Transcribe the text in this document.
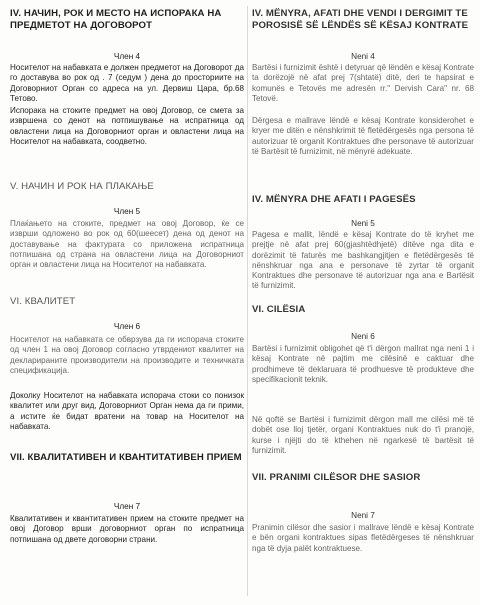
IV. НАЧИН, РОК И МЕСТО НА ИСПОРАКА НА ПРЕДМЕТОТ НА ДОГОВОРОТ

Член 4

Носителот на набавката е должен предметот на Договорот да го доставува во рок од . 7 (седум ) дена до просториите на Договорниот Орган со адреса на ул. Дервиш Цара, бр.68 Тетово.

Испорака на стоките предмет на овој Договор, се смета за извршена со денот на потпишување на испратница од овластени лица на Договорниот орган и овластени лица на Носителот на набавката, соодветно.

V. НАЧИН И РОК НА ПЛАКАЊЕ

Член 5

Плаќањето на стоките, предмет на овој Договор, ќе се изврши одложено во рок од 60(шеесет) дена од денот на доставување на фактурата со приложена испратница потпишана од страна на овластени лица на Договорниот орган и овластени лица на Носителот на набавката.

VI. КВАЛИТЕТ

Член 6

Носителот на набавката се обврзува да ги испорача стоките од член 1 на овој Договор согласно утврдениот квалитет на декларираните производители на производите и техничката спецификација.

Доколку Носителот на набавката испорача стоки со понизок квалитет или друг вид, Договорниот Орган нема да ги прими, а истите ќе бидат вратени на товар на Носителот на набавката.

VII. КВАЛИТАТИВЕН И КВАНТИТАТИВЕН ПРИЕМ

Член 7

Квалитативен и квантитативен прием на стоките предмет на овој Договор врши договорниот орган по испратница потпишана од двете договорни страни.

IV. MËNYRA, AFATI DHE VENDI I DERGIMIT TE POROSISË SË LËNDËS SË KËSAJ KONTRATE

Neni 4

Bartësi i furnizimit është i detyruar që lëndën e kësaj Kontrate ta dorëzojë në afat prej 7(shtatë) ditë, deri te hapsirat e komunës e Tetovës me adresën rr." Dervish Cara" nr. 68 Tetovë.

Dërgesa e mallrave lëndë e kësaj Kontrate konsiderohet e kryer me ditën e nënshkrimit të fletëdërgesës nga persona të autorizuar të organit Kontraktues dhe personave të autorizuar të Bartësit të furnizimit, në mënyrë adekuate.

IV. MËNYRA DHE AFATI I PAGESËS

Neni 5

Pagesa e mallit, lëndë e kësaj Kontrate do të kryhet me prejtje në afat prej 60(gjashtëdhjetë) ditëve nga dita e dorëzimit të faturës me bashkangjitjen e fletëdërgesës të nënshkruar nga ana e personave të zyrtar të organit Kontraktues dhe personave të autorizuar nga ana e Bartësit të furnizimit.

VI. CILËSIA

Neni 6

Bartësi i furnizimit obligohet që t'i dërgon mallrat nga neni 1 i kësaj Kontrate në pajtim me cilësinë e caktuar dhe prodhimeve të deklaruara të prodhuesve të produkteve dhe specifikacionit teknik.

Në qoftë se Bartësi i furnizimit dërgon mall me cilësi më të dobët ose lloj tjetër, organi Kontraktues nuk do t'i pranojë, kurse i njëjti do të kthehen në ngarkesë të bartësit të furnizimit.

VII. PRANIMI CILËSOR DHE SASIOR

Neni 7

Pranimin cilësor dhe sasior i mallrave lëndë e kësaj Kontrate e bën organi kontraktues sipas fletëdërgeses të nënshkruar nga të dyja palët kontraktuese.
